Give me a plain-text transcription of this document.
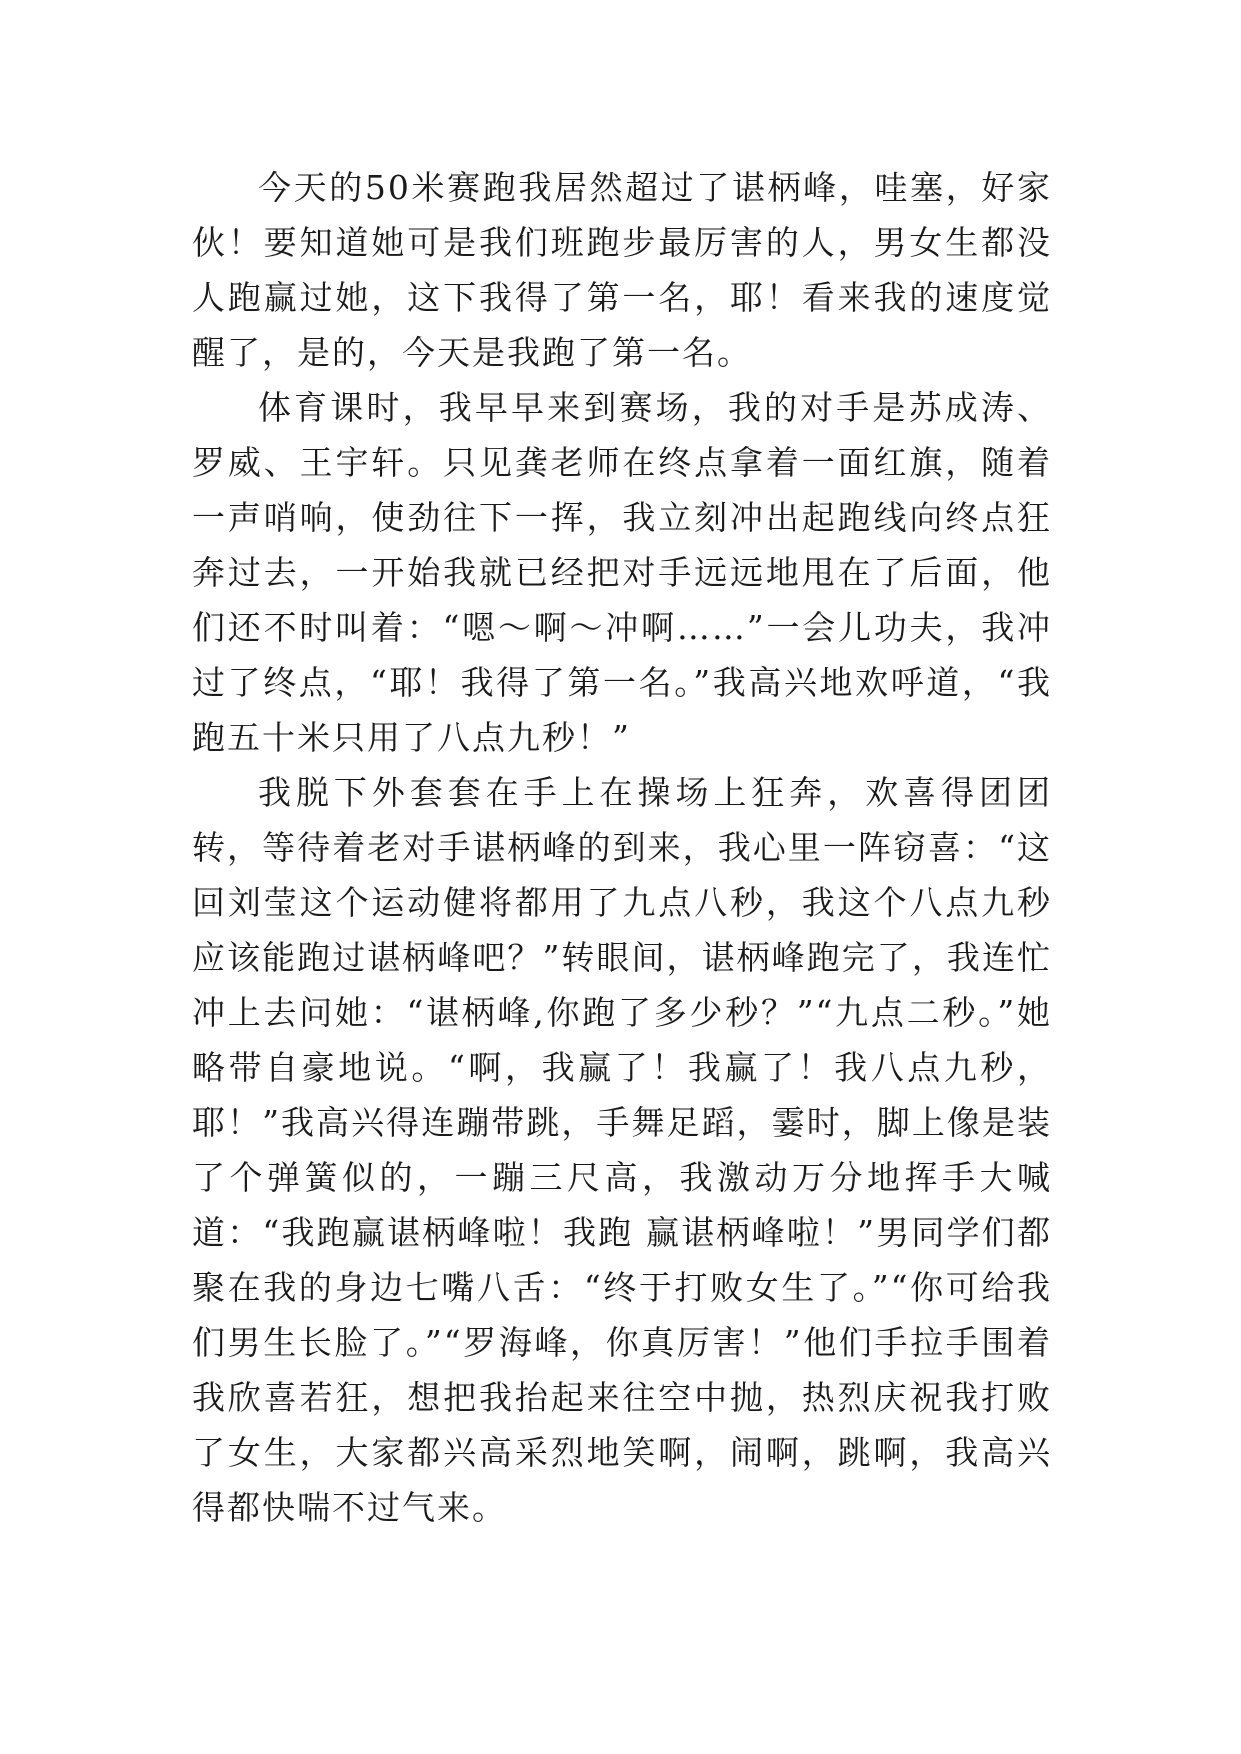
今天的50米赛跑我居然超过了谌柄峰，哇塞，好家伙！要知道她可是我们班跑步最厉害的人，男女生都没人跑赢过她，这下我得了第一名，耶！看来我的速度觉醒了，是的，今天是我跑了第一名。

体育课时，我早早来到赛场，我的对手是苏成涛、罗威、王宇轩。只见龚老师在终点拿着一面红旗，随着一声哨响，使劲往下一挥，我立刻冲出起跑线向终点狂奔过去，一开始我就已经把对手远远地甩在了后面，他们还不时叫着：“嗯～啊～冲啊……”一会儿功夫，我冲过了终点，“耶！我得了第一名。”我高兴地欢呼道，“我跑五十米只用了八点九秒！”

我脱下外套套在手上在操场上狂奔，欢喜得团团转，等待着老对手谌柄峰的到来，我心里一阵窃喜：“这回刘莹这个运动健将都用了九点八秒，我这个八点九秒应该能跑过谌柄峰吧？”转眼间，谌柄峰跑完了，我连忙冲上去问她：“谌柄峰,你跑了多少秒？”“九点二秒。”她略带自豪地说。“啊，我赢了！我赢了！我八点九秒，耶！”我高兴得连蹦带跳，手舞足蹈，霎时，脚上像是装了个弹簧似的，一蹦三尺高，我激动万分地挥手大喊道：“我跑赢谌柄峰啦！我跑 赢谌柄峰啦！”男同学们都聚在我的身边七嘴八舌：“终于打败女生了。”“你可给我们男生长脸了。”“罗海峰，你真厉害！”他们手拉手围着我欣喜若狂，想把我抬起来往空中抛，热烈庆祝我打败了女生，大家都兴高采烈地笑啊，闹啊，跳啊，我高兴得都快喘不过气来。
